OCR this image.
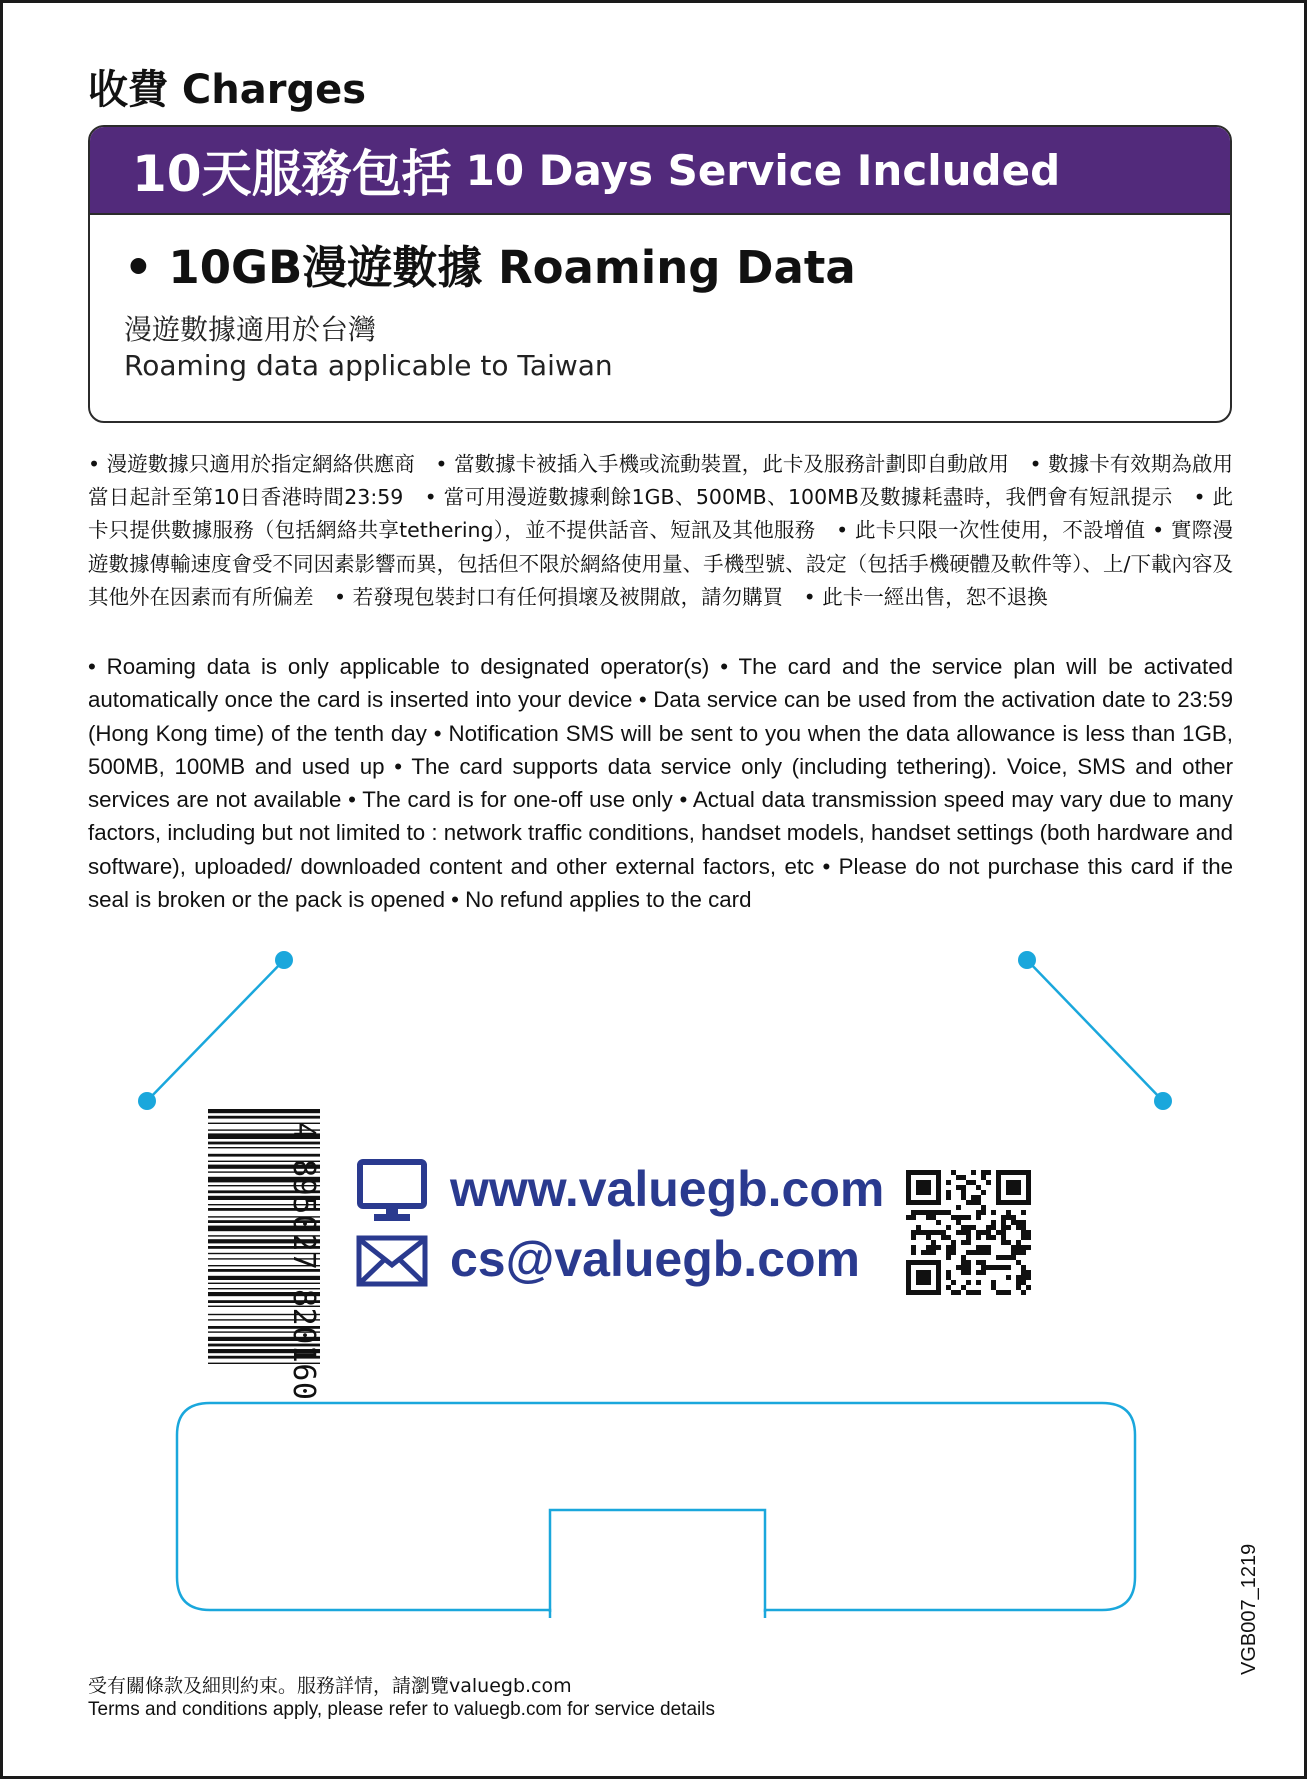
收費 Charges
10天服務包括 10 Days Service Included
• 10GB漫遊數據 Roaming Data
漫遊數據適用於台灣
Roaming data applicable to Taiwan
• 漫遊數據只適用於指定網絡供應商　• 當數據卡被插入手機或流動裝置，此卡及服務計劃即自動啟用　• 數據卡有效期為啟用當日起計至第10日香港時間23:59　• 當可用漫遊數據剩餘1GB、500MB、100MB及數據耗盡時，我們會有短訊提示　• 此卡只提供數據服務（包括網絡共享tethering），並不提供話音、短訊及其他服務　• 此卡只限一次性使用，不設增值 • 實際漫遊數據傳輸速度會受不同因素影響而異，包括但不限於網絡使用量、手機型號、設定（包括手機硬體及軟件等）、上/下載內容及其他外在因素而有所偏差　• 若發現包裝封口有任何損壞及被開啟，請勿購買　• 此卡一經出售，恕不退換
• Roaming data is only applicable to designated operator(s) • The card and the service plan will be activated automatically once the card is inserted into your device • Data service can be used from the activation date to 23:59 (Hong Kong time) of the tenth day • Notification SMS will be sent to you when the data allowance is less than 1GB, 500MB, 100MB and used up • The card supports data service only (including tethering). Voice, SMS and other services are not available • The card is for one-off use only • Actual data transmission speed may vary due to many factors, including but not limited to : network traffic conditions, handset models, handset settings (both hardware and software), uploaded/ downloaded content and other external factors, etc • Please do not purchase this card if the seal is broken or the pack is opened • No refund applies to the card
4 895027 820160	www.valuegb.com
cs@valuegb.com
受有關條款及細則約束。服務詳情，請瀏覽valuegb.com
Terms and conditions apply, please refer to valuegb.com for service details
VGB007_1219
